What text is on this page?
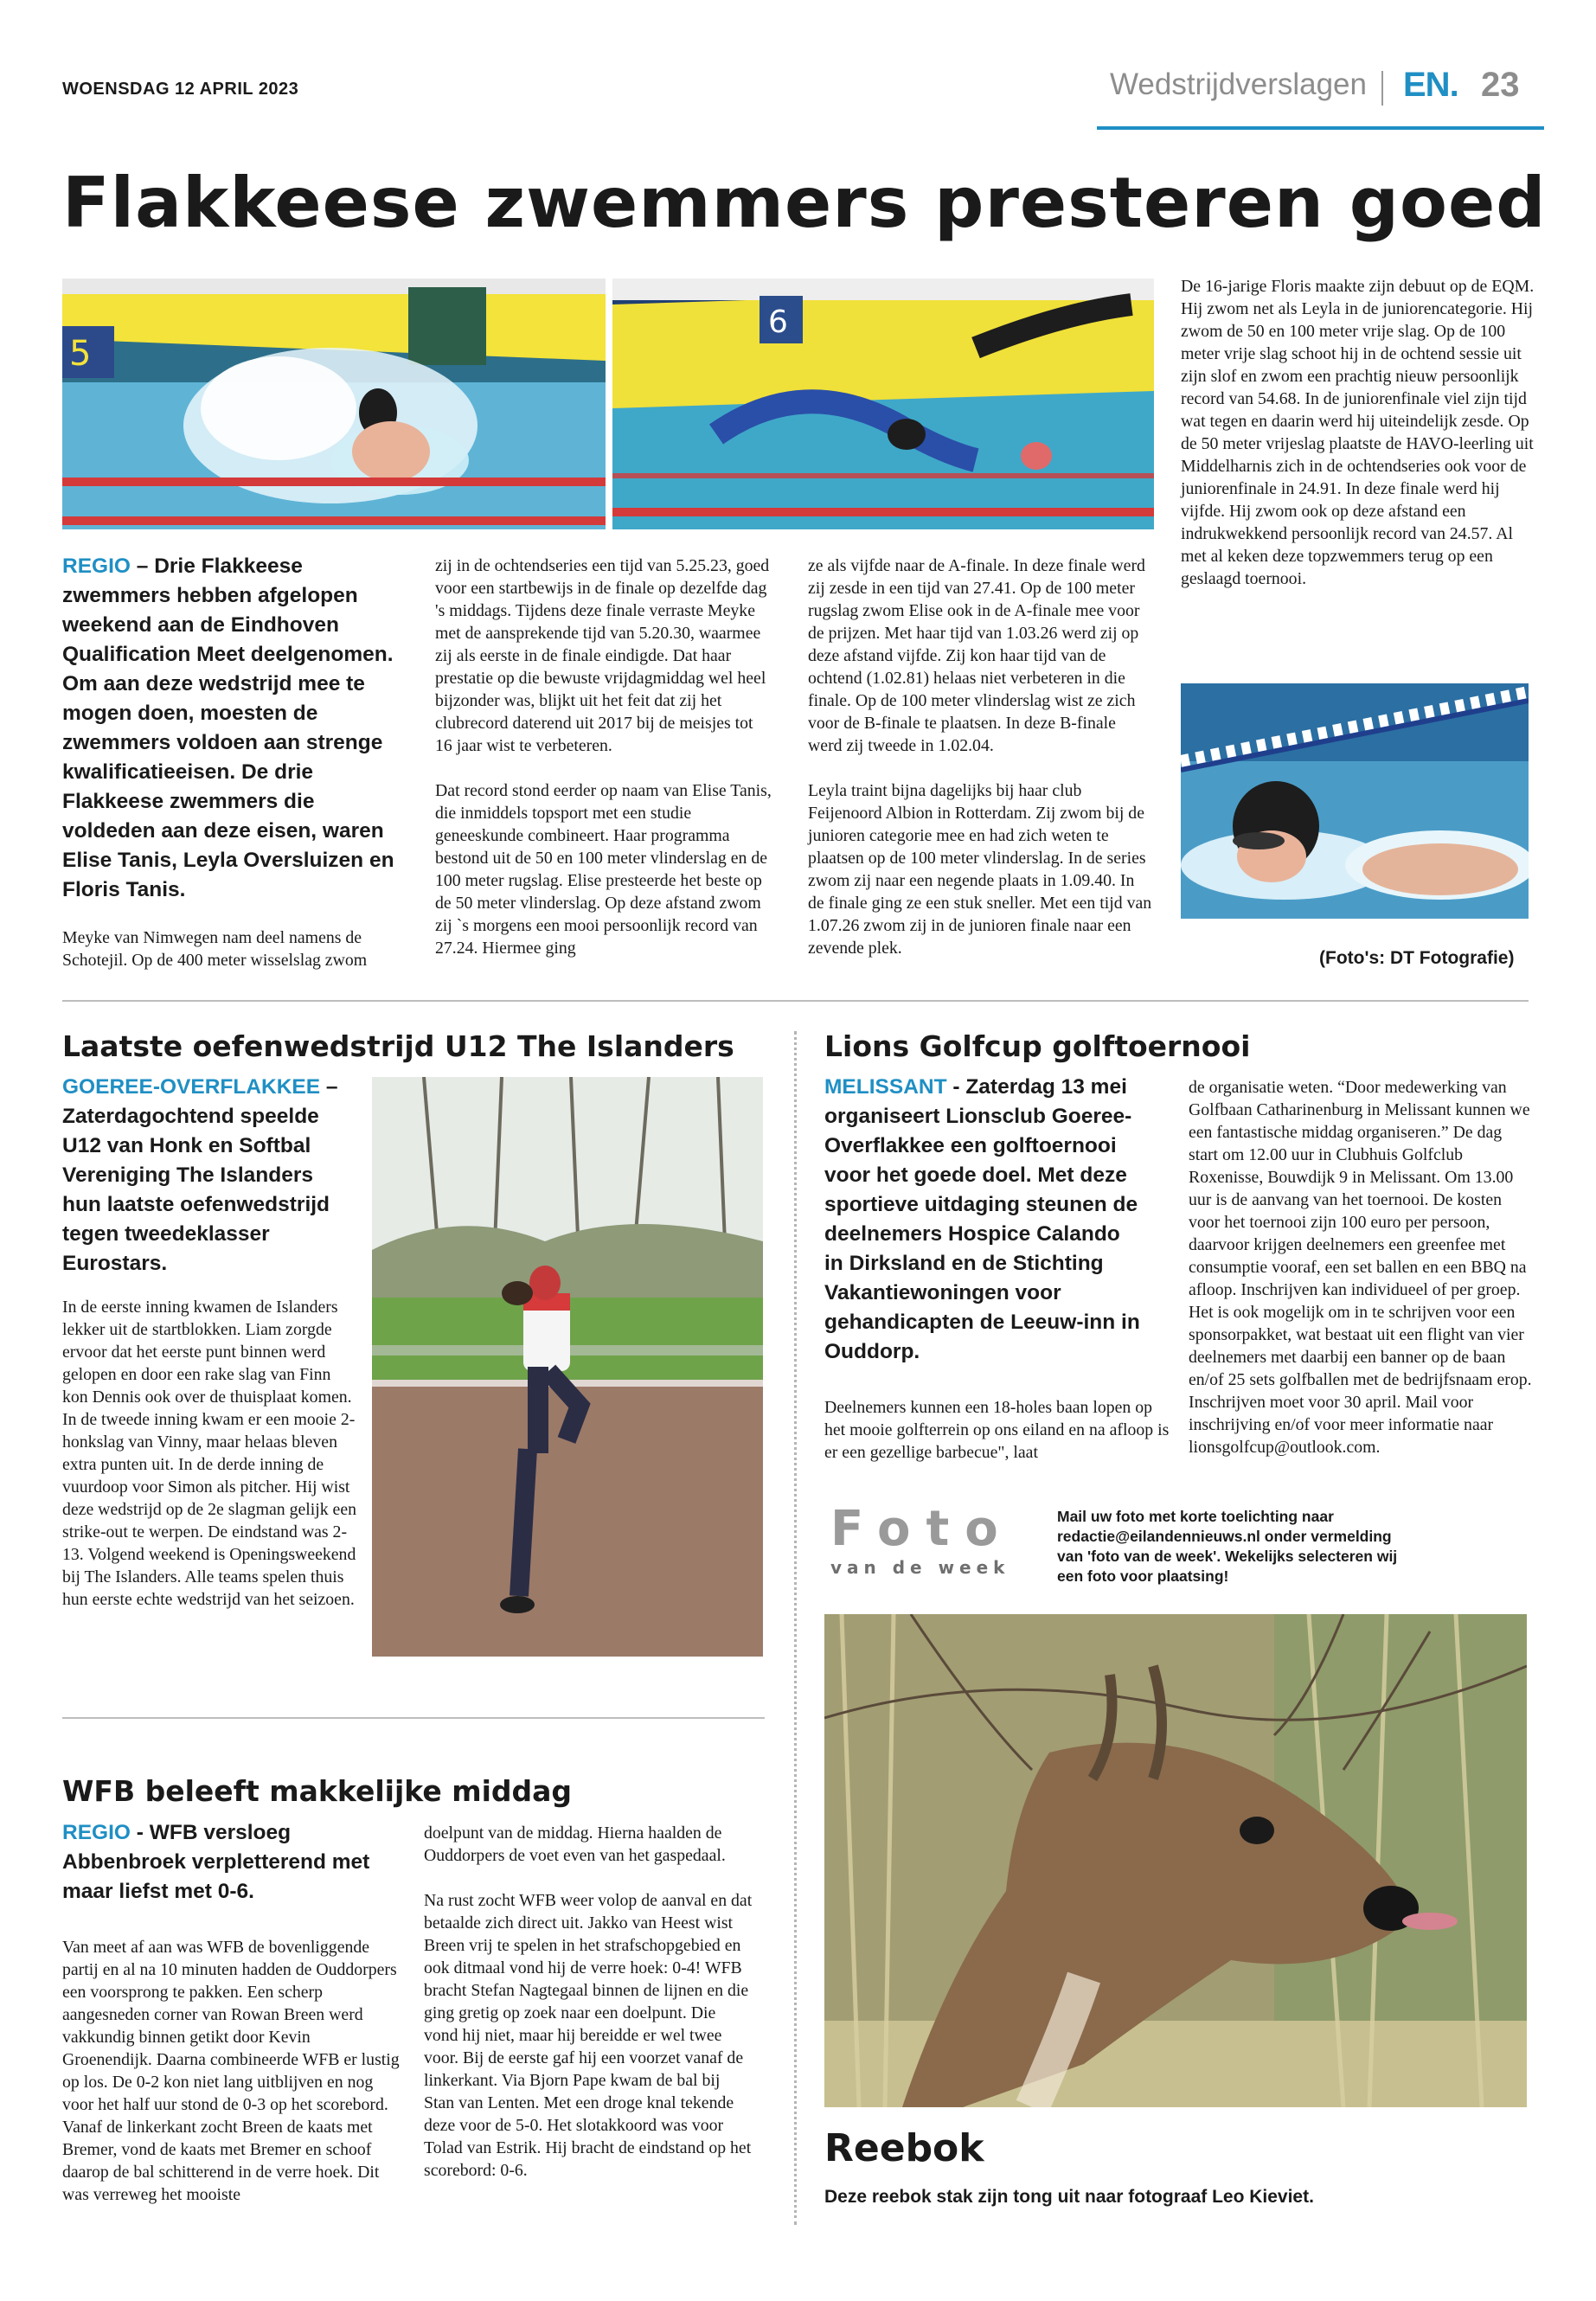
WOENSDAG 12 APRIL 2023	Wedstrijdverslagen EN. 23
Flakkeese zwemmers presteren goed
5
6
REGIO – Drie Flakkeese zwemmers hebben afgelopen weekend aan de Eindhoven Qualification Meet deelgenomen. Om aan deze wedstrijd mee te mogen doen, moesten de zwemmers voldoen aan strenge kwalificatieeisen. De drie Flakkeese zwemmers die voldeden aan deze eisen, waren Elise Tanis, Leyla Oversluizen en Floris Tanis.
Meyke van Nimwegen nam deel namens de Schotejil. Op de 400 meter wisselslag zwom

zij in de ochtendseries een tijd van 5.25.23, goed voor een startbewijs in de finale op dezelfde dag 's middags. Tijdens deze finale verraste Meyke met de aansprekende tijd van 5.20.30, waarmee zij als eerste in de finale eindigde. Dat haar prestatie op die bewuste vrijdagmiddag wel heel bijzonder was, blijkt uit het feit dat zij het clubrecord daterend uit 2017 bij de meisjes tot 16 jaar wist te verbeteren.

Dat record stond eerder op naam van Elise Tanis, die inmiddels topsport met een studie geneeskunde combineert. Haar programma bestond uit de 50 en 100 meter vlinderslag en de 100 meter rugslag. Elise presteerde het beste op de 50 meter vlinderslag. Op deze afstand zwom zij `s morgens een mooi persoonlijk record van 27.24. Hiermee ging

ze als vijfde naar de A-finale. In deze finale werd zij zesde in een tijd van 27.41. Op de 100 meter rugslag zwom Elise ook in de A-finale mee voor de prijzen. Met haar tijd van 1.03.26 werd zij op deze afstand vijfde. Zij kon haar tijd van de ochtend (1.02.81) helaas niet verbeteren in die finale. Op de 100 meter vlinderslag wist ze zich voor de B-finale te plaatsen. In deze B-finale werd zij tweede in 1.02.04.

Leyla traint bijna dagelijks bij haar club Feijenoord Albion in Rotterdam. Zij zwom bij de junioren categorie mee en had zich weten te plaatsen op de 100 meter vlinderslag. In de series zwom zij naar een negende plaats in 1.09.40. In de finale ging ze een stuk sneller. Met een tijd van 1.07.26 zwom zij in de junioren finale naar een zevende plek.

De 16-jarige Floris maakte zijn debuut op de EQM. Hij zwom net als Leyla in de juniorencategorie. Hij zwom de 50 en 100 meter vrije slag. Op de 100 meter vrije slag schoot hij in de ochtend sessie uit zijn slof en zwom een prachtig nieuw persoonlijk record van 54.68. In de juniorenfinale viel zijn tijd wat tegen en daarin werd hij uiteindelijk zesde. Op de 50 meter vrijeslag plaatste de HAVO-leerling uit Middelharnis zich in de ochtendseries ook voor de juniorenfinale in 24.91. In deze finale werd hij vijfde. Hij zwom ook op deze afstand een indrukwekkend persoonlijk record van 24.57. Al met al keken deze topzwemmers terug op een geslaagd toernooi.
(Foto's: DT Fotografie)
Laatste oefenwedstrijd U12 The Islanders
GOEREE-OVERFLAKKEE – Zaterdagochtend speelde U12 van Honk en Softbal Vereniging The Islanders hun laatste oefenwedstrijd tegen tweedeklasser Eurostars.
In de eerste inning kwamen de Islanders lekker uit de startblokken. Liam zorgde ervoor dat het eerste punt binnen werd gelopen en door een rake slag van Finn kon Dennis ook over de thuisplaat komen. In de tweede inning kwam er een mooie 2-honkslag van Vinny, maar helaas bleven extra punten uit. In de derde inning de vuurdoop voor Simon als pitcher. Hij wist deze wedstrijd op de 2e slagman gelijk een strike-out te werpen. De eindstand was 2-13. Volgend weekend is Openingsweekend bij The Islanders. Alle teams spelen thuis hun eerste echte wedstrijd van het seizoen.
Lions Golfcup golftoernooi
MELISSANT - Zaterdag 13 mei organiseert Lionsclub Goeree-Overflakkee een golftoernooi voor het goede doel. Met deze sportieve uitdaging steunen de deelnemers Hospice Calando in Dirksland en de Stichting Vakantiewoningen voor gehandicapten de Leeuw-inn in Ouddorp.
Deelnemers kunnen een 18-holes baan lopen op het mooie golfterrein op ons eiland en na afloop is er een gezellige barbecue", laat
de organisatie weten. “Door medewerking van Golfbaan Catharinenburg in Melissant kunnen we een fantastische middag organiseren.” De dag start om 12.00 uur in Clubhuis Golfclub Roxenisse, Bouwdijk 9 in Melissant. Om 13.00 uur is de aanvang van het toernooi. De kosten voor het toernooi zijn 100 euro per persoon, daarvoor krijgen deelnemers een greenfee met consumptie vooraf, een set ballen en een BBQ na afloop. Inschrijven kan individueel of per groep. Het is ook mogelijk om in te schrijven voor een sponsorpakket, wat bestaat uit een flight van vier deelnemers met daarbij een banner op de baan en/of 25 sets golfballen met de bedrijfsnaam erop. Inschrijven moet voor 30 april. Mail voor inschrijving en/of voor meer informatie naar lionsgolfcup@outlook.com.
Foto
van de week
Mail uw foto met korte toelichting naar redactie@eilandennieuws.nl onder vermelding van 'foto van de week'. Wekelijks selecteren wij een foto voor plaatsing!
Reebok
Deze reebok stak zijn tong uit naar fotograaf Leo Kieviet.
WFB beleeft makkelijke middag
REGIO - WFB versloeg Abbenbroek verpletterend met maar liefst met 0-6.
Van meet af aan was WFB de bovenliggende partij en al na 10 minuten hadden de Ouddorpers een voorsprong te pakken. Een scherp aangesneden corner van Rowan Breen werd vakkundig binnen getikt door Kevin Groenendijk. Daarna combineerde WFB er lustig op los. De 0-2 kon niet lang uitblijven en nog voor het half uur stond de 0-3 op het scorebord. Vanaf de linkerkant zocht Breen de kaats met Bremer, vond de kaats met Bremer en schoof daarop de bal schitterend in de verre hoek. Dit was verreweg het mooiste

doelpunt van de middag. Hierna haalden de Ouddorpers de voet even van het gaspedaal.

Na rust zocht WFB weer volop de aanval en dat betaalde zich direct uit. Jakko van Heest wist Breen vrij te spelen in het strafschopgebied en ook ditmaal vond hij de verre hoek: 0-4! WFB bracht Stefan Nagtegaal binnen de lijnen en die ging gretig op zoek naar een doelpunt. Die vond hij niet, maar hij bereidde er wel twee voor. Bij de eerste gaf hij een voorzet vanaf de linkerkant. Via Bjorn Pape kwam de bal bij Stan van Lenten. Met een droge knal tekende deze voor de 5-0. Het slotakkoord was voor Tolad van Estrik. Hij bracht de eindstand op het scorebord: 0-6.
